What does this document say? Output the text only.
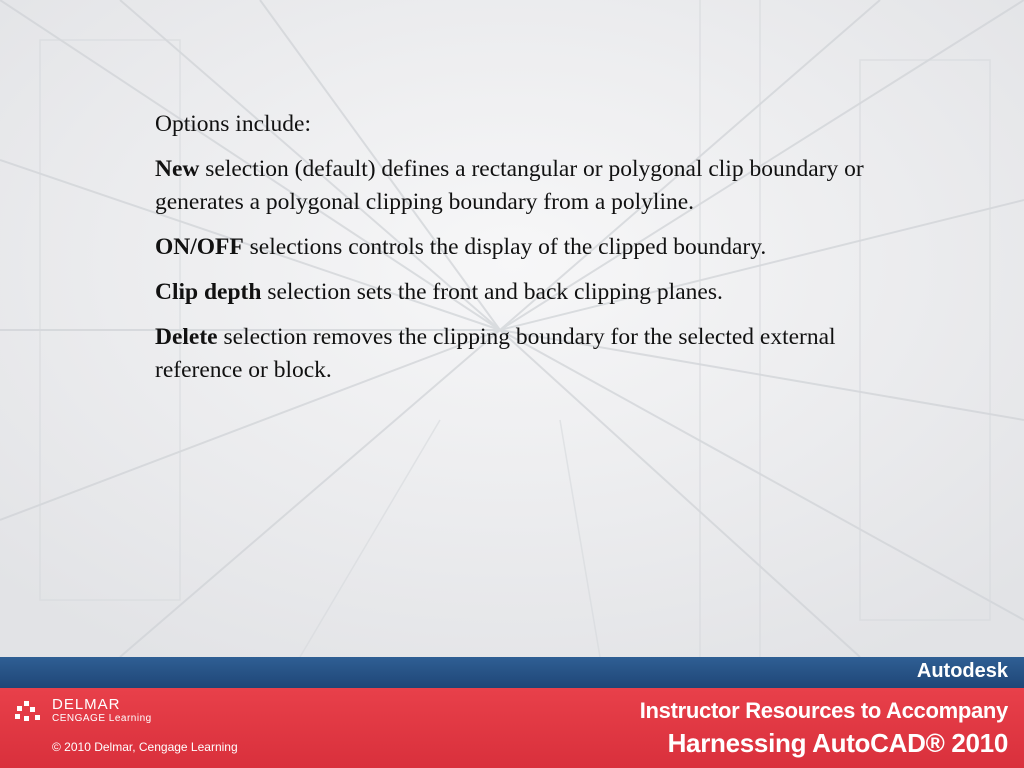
Options include:

New selection (default) defines a rectangular or polygonal clip boundary or generates a polygonal clipping boundary from a polyline.

ON/OFF selections controls the display of the clipped boundary.

Clip depth selection sets the front and back clipping planes.

Delete selection removes the clipping boundary for the selected external reference or block.

Autodesk
DELMAR
CENGAGE Learning
© 2010 Delmar, Cengage Learning
Instructor Resources to Accompany
Harnessing AutoCAD® 2010
